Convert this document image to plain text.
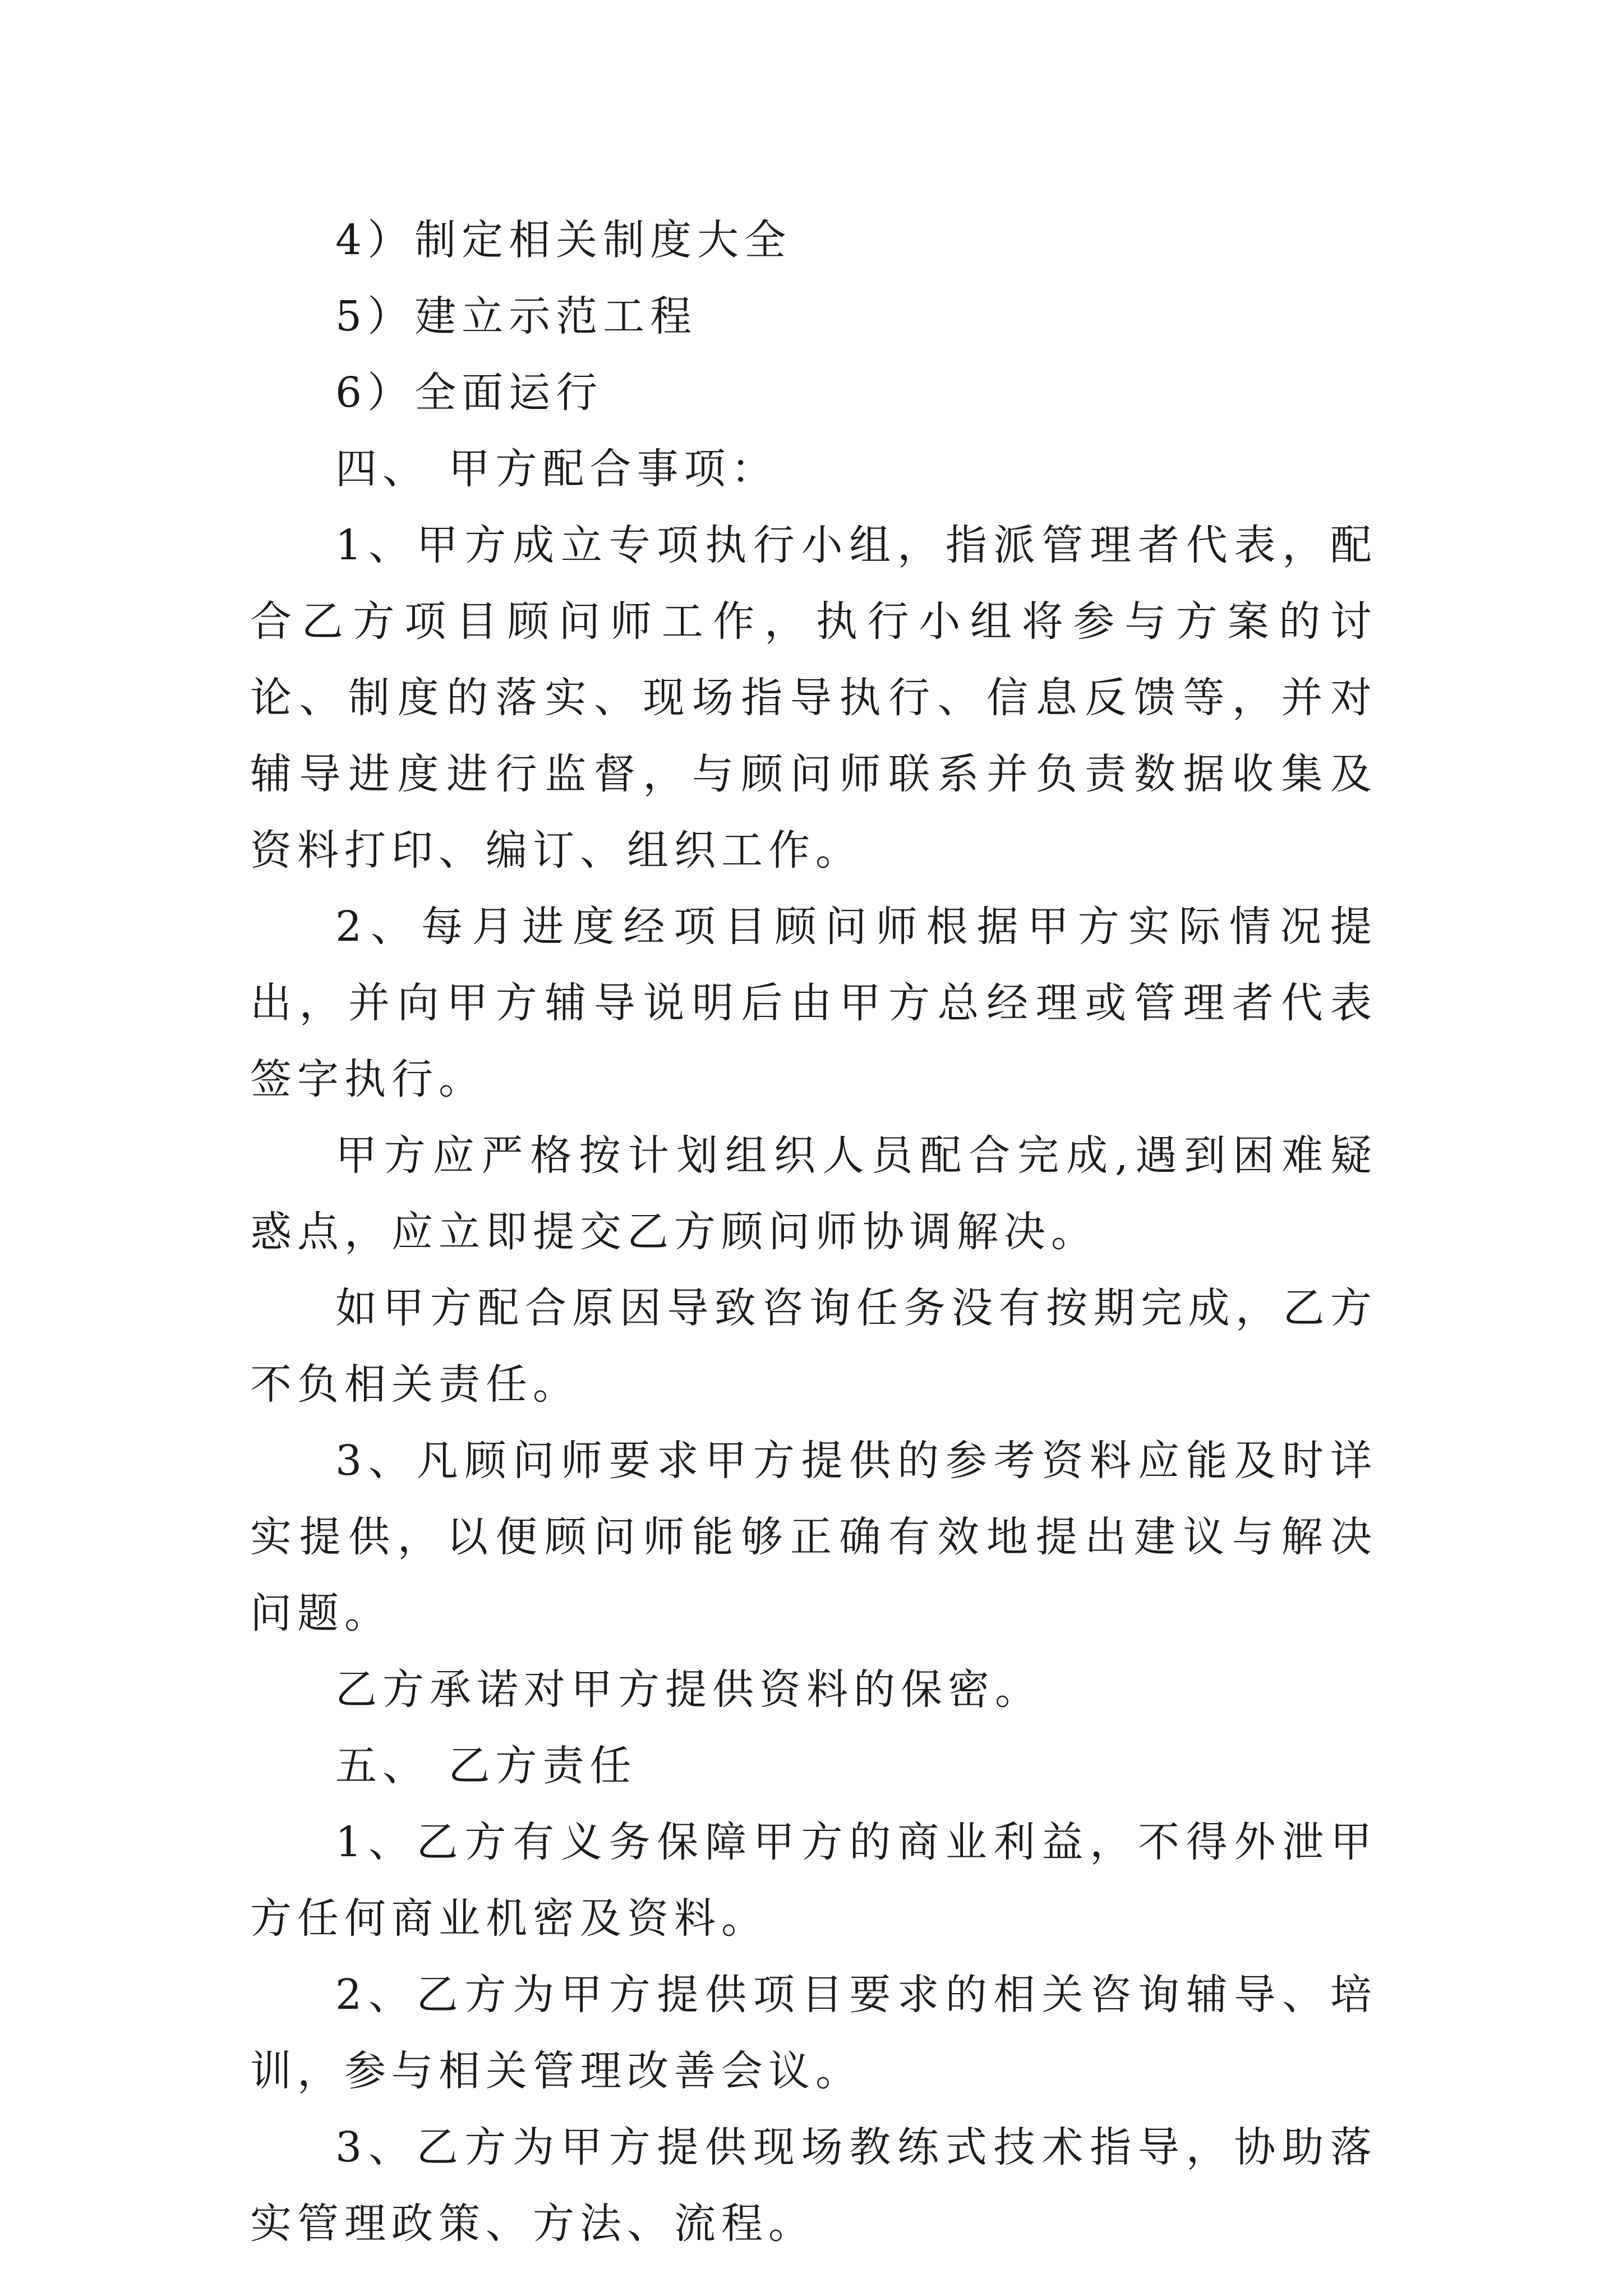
4）制定相关制度大全

5）建立示范工程

6）全面运行

四、 甲方配合事项：

1、甲方成立专项执行小组，指派管理者代表，配合乙方项目顾问师工作，执行小组将参与方案的讨论、制度的落实、现场指导执行、信息反馈等，并对辅导进度进行监督，与顾问师联系并负责数据收集及资料打印、编订、组织工作。

2、每月进度经项目顾问师根据甲方实际情况提出，并向甲方辅导说明后由甲方总经理或管理者代表签字执行。

甲方应严格按计划组织人员配合完成,遇到困难疑惑点，应立即提交乙方顾问师协调解决。

如甲方配合原因导致咨询任务没有按期完成，乙方不负相关责任。

3、凡顾问师要求甲方提供的参考资料应能及时详实提供，以便顾问师能够正确有效地提出建议与解决问题。

乙方承诺对甲方提供资料的保密。

五、 乙方责任

1、乙方有义务保障甲方的商业利益，不得外泄甲方任何商业机密及资料。

2、乙方为甲方提供项目要求的相关咨询辅导、培训，参与相关管理改善会议。

3、乙方为甲方提供现场教练式技术指导，协助落实管理政策、方法、流程。
